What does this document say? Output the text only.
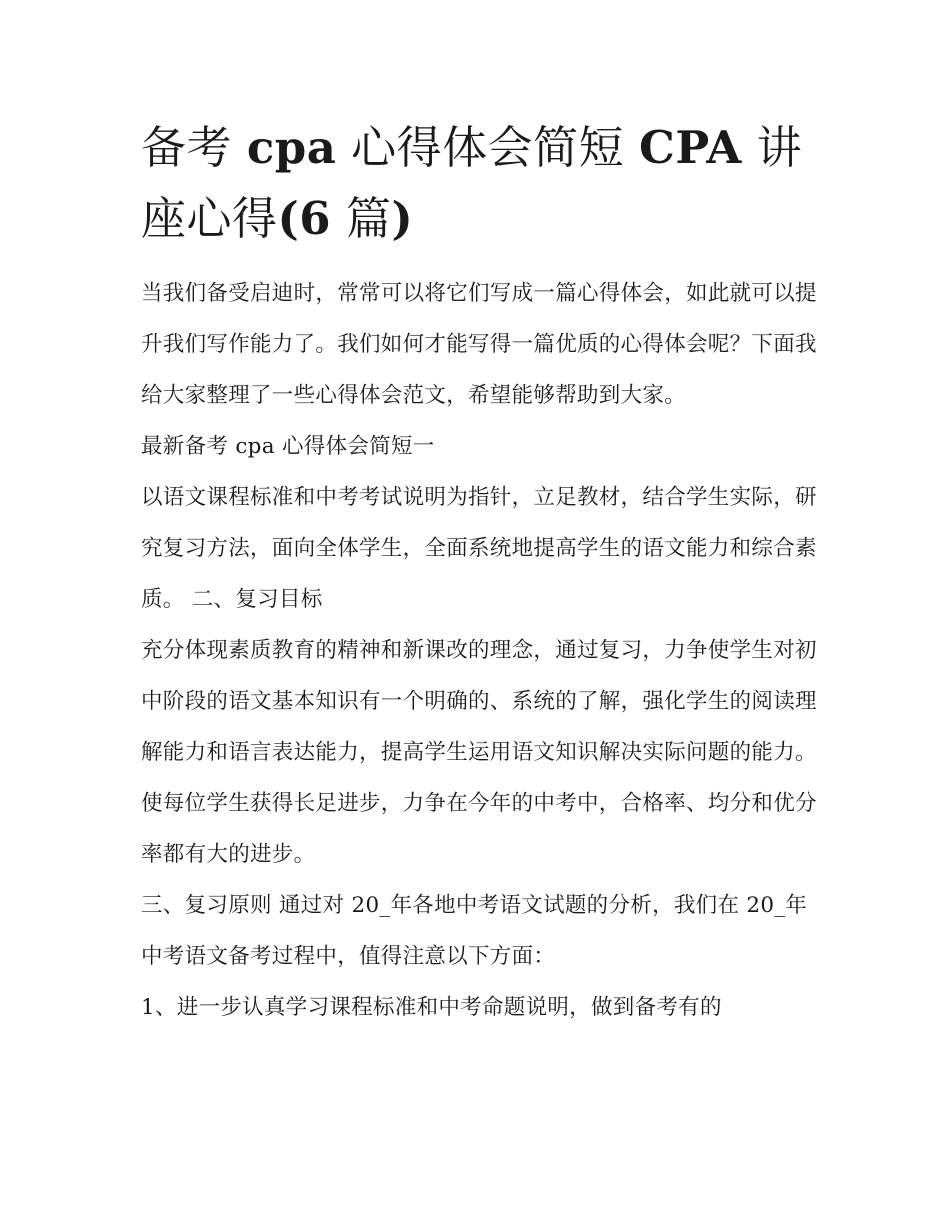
备考 cpa 心得体会简短 CPA 讲座心得(6 篇)

当我们备受启迪时，常常可以将它们写成一篇心得体会，如此就可以提升我们写作能力了。我们如何才能写得一篇优质的心得体会呢？下面我给大家整理了一些心得体会范文，希望能够帮助到大家。

最新备考 cpa 心得体会简短一

以语文课程标准和中考考试说明为指针，立足教材，结合学生实际，研究复习方法，面向全体学生，全面系统地提高学生的语文能力和综合素质。 二、复习目标

充分体现素质教育的精神和新课改的理念，通过复习，力争使学生对初中阶段的语文基本知识有一个明确的、系统的了解，强化学生的阅读理解能力和语言表达能力，提高学生运用语文知识解决实际问题的能力。使每位学生获得长足进步，力争在今年的中考中，合格率、均分和优分率都有大的进步。

三、复习原则 通过对 20_年各地中考语文试题的分析，我们在 20_年中考语文备考过程中，值得注意以下方面：

1、进一步认真学习课程标准和中考命题说明，做到备考有的
